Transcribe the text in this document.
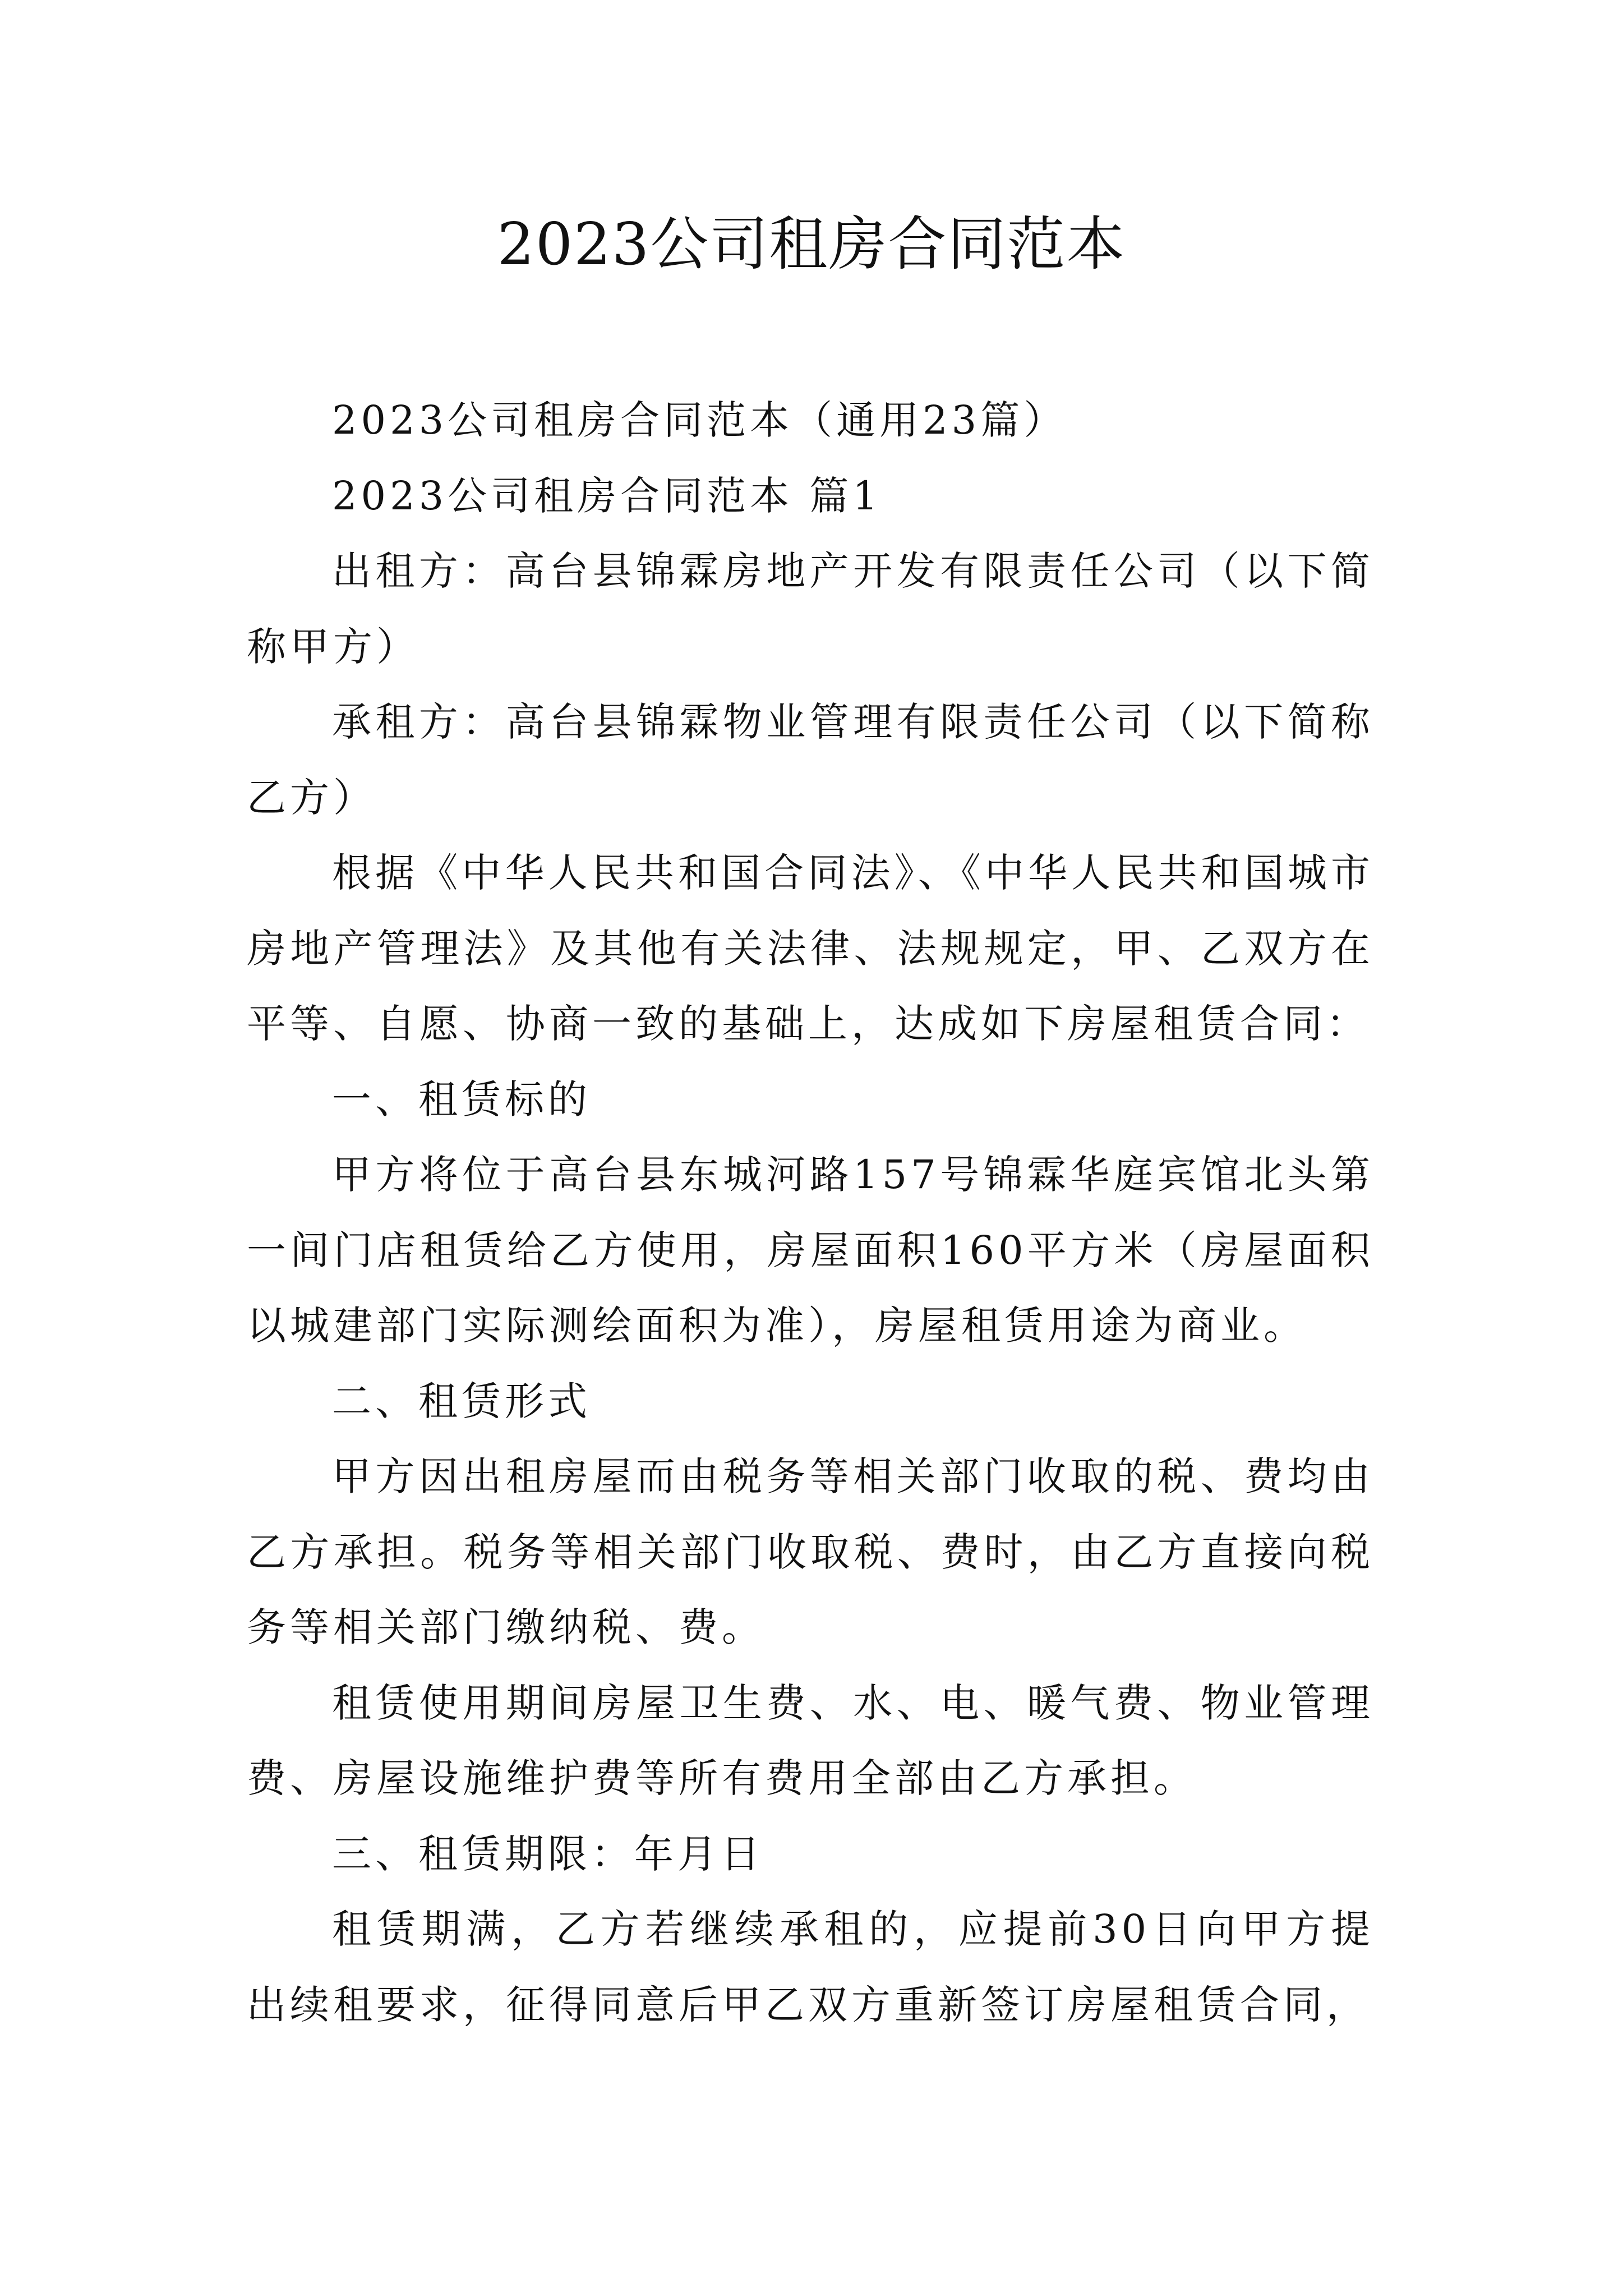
2023公司租房合同范本

2023公司租房合同范本（通用23篇）

2023公司租房合同范本 篇1

出租方：高台县锦霖房地产开发有限责任公司（以下简称甲方）

承租方：高台县锦霖物业管理有限责任公司（以下简称乙方）

根据《中华人民共和国合同法》、《中华人民共和国城市房地产管理法》及其他有关法律、法规规定，甲、乙双方在平等、自愿、协商一致的基础上，达成如下房屋租赁合同：

一、租赁标的

甲方将位于高台县东城河路157号锦霖华庭宾馆北头第一间门店租赁给乙方使用，房屋面积160平方米（房屋面积以城建部门实际测绘面积为准），房屋租赁用途为商业。

二、租赁形式

甲方因出租房屋而由税务等相关部门收取的税、费均由乙方承担。税务等相关部门收取税、费时，由乙方直接向税务等相关部门缴纳税、费。

租赁使用期间房屋卫生费、水、电、暖气费、物业管理费、房屋设施维护费等所有费用全部由乙方承担。

三、租赁期限：年月日

租赁期满，乙方若继续承租的，应提前30日向甲方提出续租要求，征得同意后甲乙双方重新签订房屋租赁合同，
